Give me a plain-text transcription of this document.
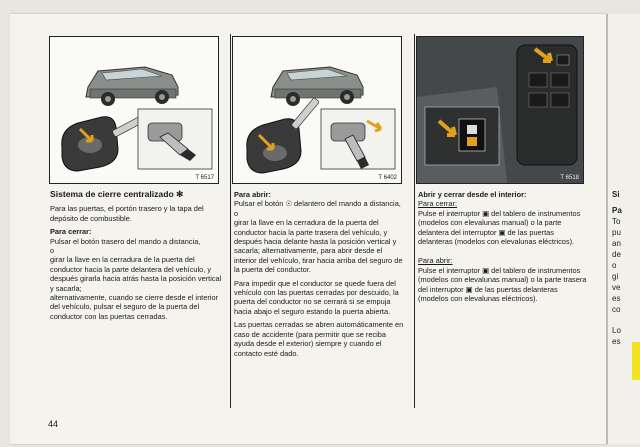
Si
Pa
To
pu
an
de
o
gi
ve
es
co
Lo
es
T 6517	T 6402	T 6518
Sistema de cierre centralizado ✻

Para las puertas, el portón trasero y la tapa del depósito de combustible.

Para cerrar:
Pulsar el botón trasero del mando a distancia,
o
girar la llave en la cerradura de la puerta del conductor hacia la parte delantera del vehículo, y después girarla hacia atrás hasta la posición vertical y sacarla;
alternativamente, cuando se cierre desde el interior del vehículo, pulsar el seguro de la puerta del conductor con las puertas cerradas.
Para abrir:
Pulsar el botón ☉ delantero del mando a distancia,
o

girar la llave en la cerradura de la puerta del conductor hacia la parte trasera del vehículo, y después hacia delante hasta la posición vertical y sacarla; alternativamente, para abrir desde el interior del vehículo, tirar hacia arriba del seguro de la puerta del conductor.

Para impedir que el conductor se quede fuera del vehículo con las puertas cerradas por descuido, la puerta del conductor no se cerrará si se empuja hacia abajo el seguro estando la puerta abierta.

Las puertas cerradas se abren automáticamente en caso de accidente (para permitir que se reciba ayuda desde el exterior) siempre y cuando el contacto esté dado.

Abrir y cerrar desde el interior:
Para cerrar:

Pulse el interruptor ▣ del tablero de instrumentos (modelos con elevalunas manual) o la parte delantera del interruptor ▣ de las puertas delanteras (modelos con elevalunas eléctricos).

Para abrir:

Pulse el interruptor ▣ del tablero de instrumentos (modelos con elevalunas manual) o la parte trasera del interruptor ▣ de las puertas delanteras (modelos con elevalunas eléctricos).

44
